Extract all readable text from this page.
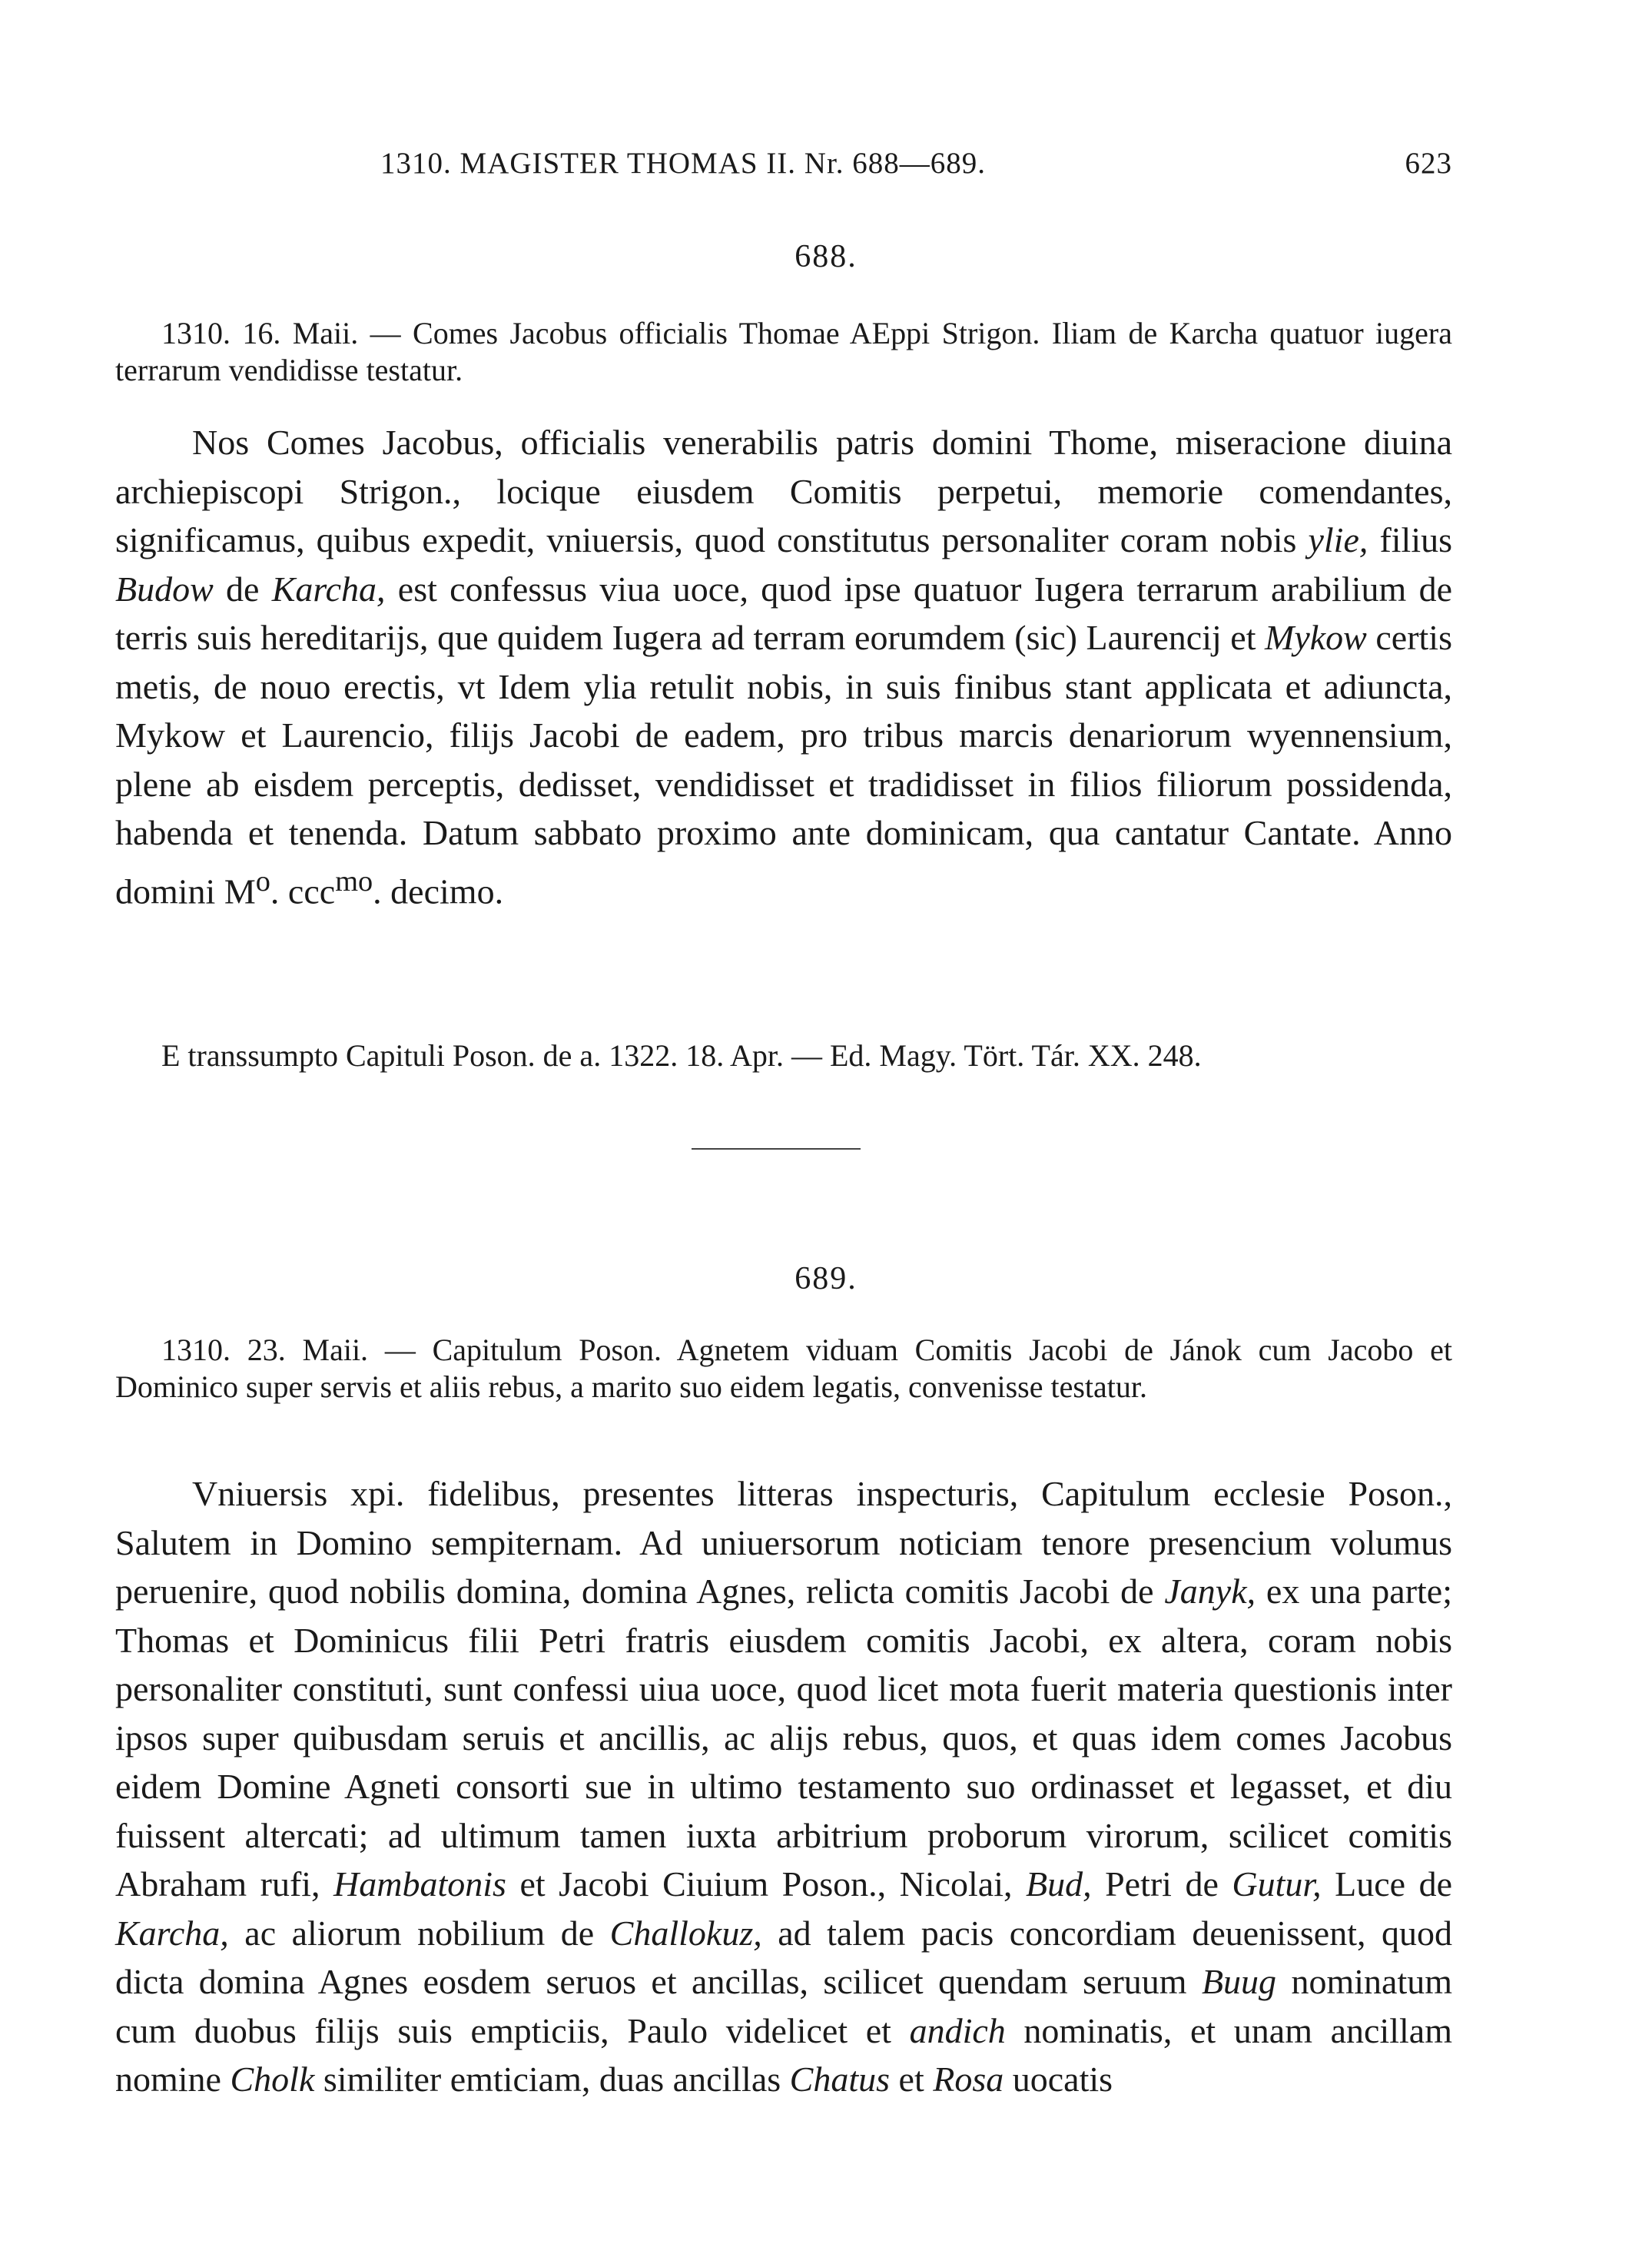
1310. MAGISTER THOMAS II. Nr. 688—689.	623
688.

1310. 16. Maii. — Comes Jacobus officialis Thomae AEppi Strigon. Iliam de Karcha quatuor iugera terrarum vendidisse testatur.

Nos Comes Jacobus, officialis venerabilis patris domini Thome, miseracione diuina archiepiscopi Strigon., locique eiusdem Comitis perpetui, memorie comendantes, significamus, quibus expedit, vniuersis, quod constitutus personaliter coram nobis ylie, filius Budow de Karcha, est confessus viua uoce, quod ipse quatuor Iugera terrarum arabilium de terris suis hereditarijs, que quidem Iugera ad terram eorumdem (sic) Laurencij et Mykow certis metis, de nouo erectis, vt Idem ylia retulit nobis, in suis finibus stant applicata et adiuncta, Mykow et Laurencio, filijs Jacobi de eadem, pro tribus marcis denariorum wyennensium, plene ab eisdem perceptis, dedisset, vendidisset et tradidisset in filios filiorum possidenda, habenda et tenenda. Datum sabbato proximo ante dominicam, qua cantatur Cantate. Anno domini $M^o$. ccc$^{mo}$. decimo.

E transsumpto Capituli Poson. de a. 1322. 18. Apr. — Ed. Magy. Tört. Tár. XX. 248.

689.

1310. 23. Maii. — Capitulum Poson. Agnetem viduam Comitis Jacobi de Jánok cum Jacobo et Dominico super servis et aliis rebus, a marito suo eidem legatis, convenisse testatur.

Vniuersis xpi. fidelibus, presentes litteras inspecturis, Capitulum ecclesie Poson., Salutem in Domino sempiternam. Ad uniuersorum noticiam tenore presencium volumus peruenire, quod nobilis domina, domina Agnes, relicta comitis Jacobi de Janyk, ex una parte; Thomas et Dominicus filii Petri fratris eiusdem comitis Jacobi, ex altera, coram nobis personaliter constituti, sunt confessi uiua uoce, quod licet mota fuerit materia questionis inter ipsos super quibusdam seruis et ancillis, ac alijs rebus, quos, et quas idem comes Jacobus eidem Domine Agneti consorti sue in ultimo testamento suo ordinasset et legasset, et diu fuissent altercati; ad ultimum tamen iuxta arbitrium proborum virorum, scilicet comitis Abraham rufi, Hambatonis et Jacobi Ciuium Poson., Nicolai, Bud, Petri de Gutur, Luce de Karcha, ac aliorum nobilium de Challokuz, ad talem pacis concordiam deuenissent, quod dicta domina Agnes eosdem seruos et ancillas, scilicet quendam seruum Buug nominatum cum duobus filijs suis empticiis, Paulo videlicet et andich nominatis, et unam ancillam nomine Cholk similiter emticiam, duas ancillas Chatus et Rosa uocatis
